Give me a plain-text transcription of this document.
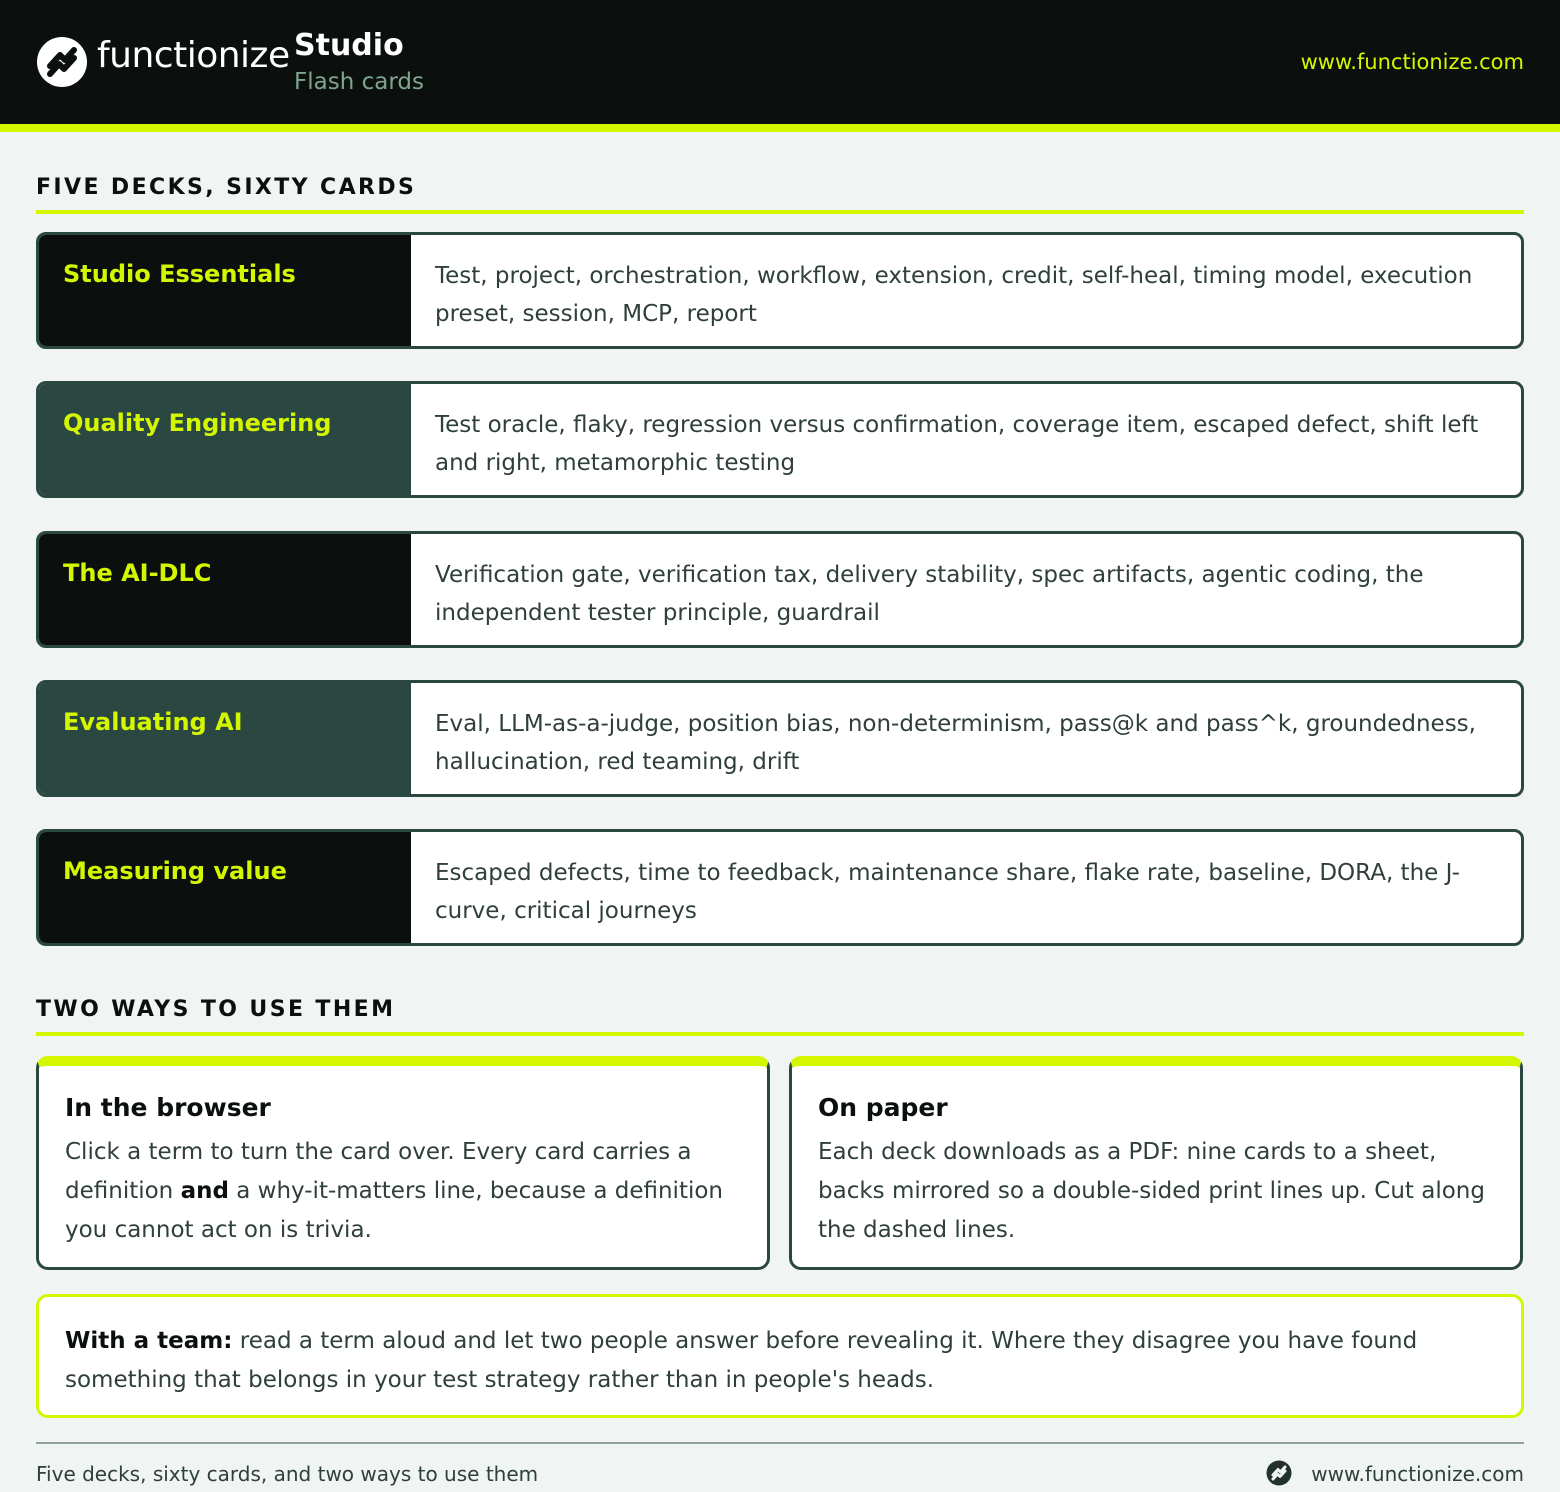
functionize Studio
Flash cards
www.functionize.com
FIVE DECKS, SIXTY CARDS
Studio Essentials	Test, project, orchestration, workflow, extension, credit, self-heal, timing model, execution preset, session, MCP, report
Quality Engineering	Test oracle, flaky, regression versus confirmation, coverage item, escaped defect, shift left and right, metamorphic testing
The AI-DLC	Verification gate, verification tax, delivery stability, spec artifacts, agentic coding, the independent tester principle, guardrail
Evaluating AI	Eval, LLM-as-a-judge, position bias, non-determinism, pass@k and pass^k, groundedness, hallucination, red teaming, drift
Measuring value	Escaped defects, time to feedback, maintenance share, flake rate, baseline, DORA, the J-curve, critical journeys
TWO WAYS TO USE THEM
In the browser
Click a term to turn the card over. Every card carries a definition and a why-it-matters line, because a definition you cannot act on is trivia.
On paper
Each deck downloads as a PDF: nine cards to a sheet, backs mirrored so a double-sided print lines up. Cut along the dashed lines.
With a team: read a term aloud and let two people answer before revealing it. Where they disagree you have found something that belongs in your test strategy rather than in people's heads.
Five decks, sixty cards, and two ways to use them	www.functionize.com
